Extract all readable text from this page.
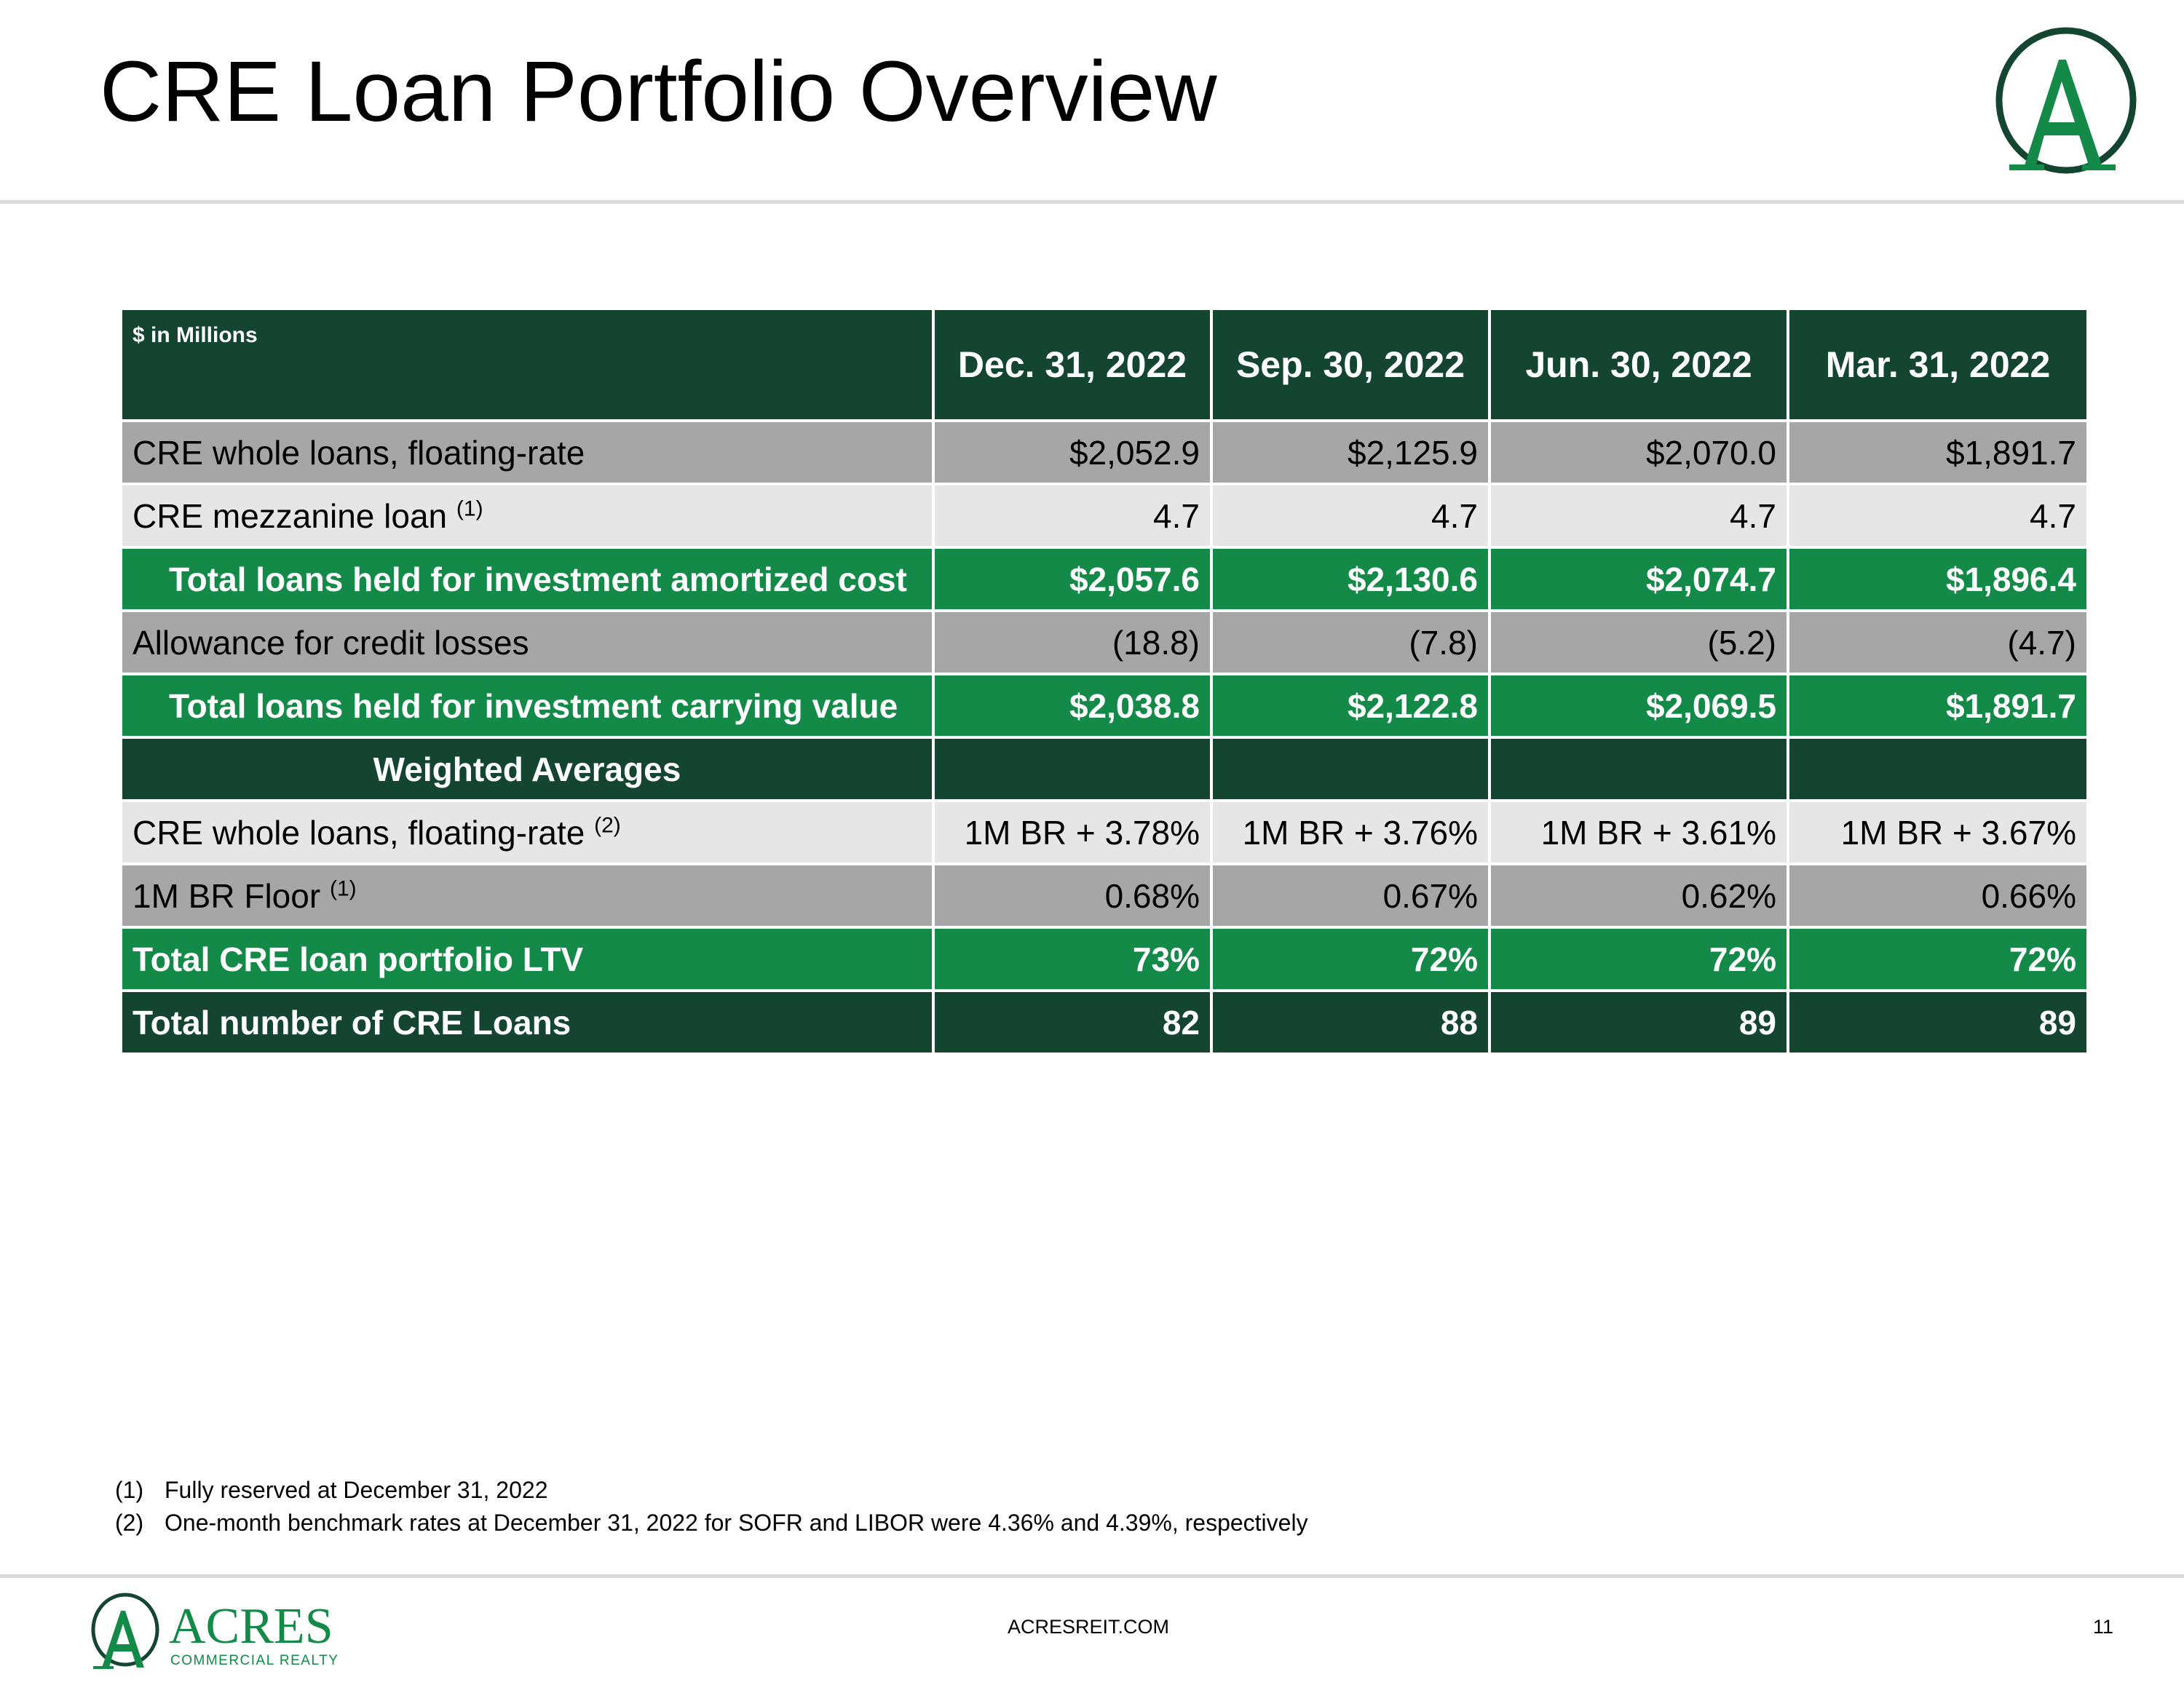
CRE Loan Portfolio Overview
$ in Millions	Dec. 31, 2022	Sep. 30, 2022	Jun. 30, 2022	Mar. 31, 2022
CRE whole loans, floating-rate	$2,052.9	$2,125.9	$2,070.0	$1,891.7
CRE mezzanine loan $^{(1)}$	4.7	4.7	4.7	4.7
Total loans held for investment amortized cost	$2,057.6	$2,130.6	$2,074.7	$1,896.4
Allowance for credit losses	(18.8)	(7.8)	(5.2)	(4.7)
Total loans held for investment carrying value	$2,038.8	$2,122.8	$2,069.5	$1,891.7
Weighted Averages				
CRE whole loans, floating-rate $^{(2)}$	1M BR + 3.78%	1M BR + 3.76%	1M BR + 3.61%	1M BR + 3.67%
1M BR Floor $^{(1)}$	0.68%	0.67%	0.62%	0.66%
Total CRE loan portfolio LTV	73%	72%	72%	72%
Total number of CRE Loans	82	88	89	89
(1) Fully reserved at December 31, 2022
(2) One-month benchmark rates at December 31, 2022 for SOFR and LIBOR were 4.36% and 4.39%, respectively
ACRES
COMMERCIAL REALTY
ACRESREIT.COM	11
